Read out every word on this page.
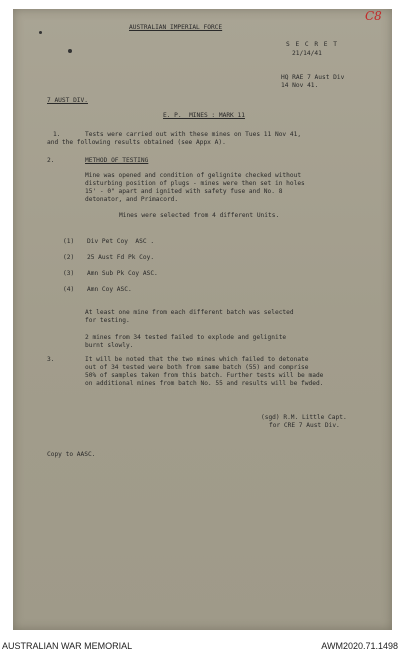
AUSTRALIAN IMPERIAL FORCE
C8
S E C R E T
21/14/41
HQ RAE 7 Aust Div
14 Nov 41.
7 AUST DIV.
E. P.  MINES : MARK 11
1.	Tests were carried out with these mines on Tues 11 Nov 41,
and the following results obtained (see Appx A).
2.	METHOD OF TESTING
Mine was opened and condition of gelignite checked without
disturbing position of plugs - mines were then set in holes
15' - 0" apart and ignited with safety fuse and No. 8
detonator, and Primacord.
Mines were selected from 4 different Units.
(1) Div Pet Coy  ASC .
(2) 25 Aust Fd Pk Coy.
(3) Amn Sub Pk Coy ASC.
(4) Amn Coy ASC.
At least one mine from each different batch was selected
for testing.
2 mines from 34 tested failed to explode and gelignite
burnt slowly.
3.	It will be noted that the two mines which failed to detonate
out of 34 tested were both from same batch (55) and comprise
50% of samples taken from this batch. Further tests will be made
on additional mines from batch No. 55 and results will be fwded.
(sgd) R.M. Little Capt.
for CRE 7 Aust Div.
Copy to AASC.
AUSTRALIAN WAR MEMORIAL	AWM2020.71.1498
